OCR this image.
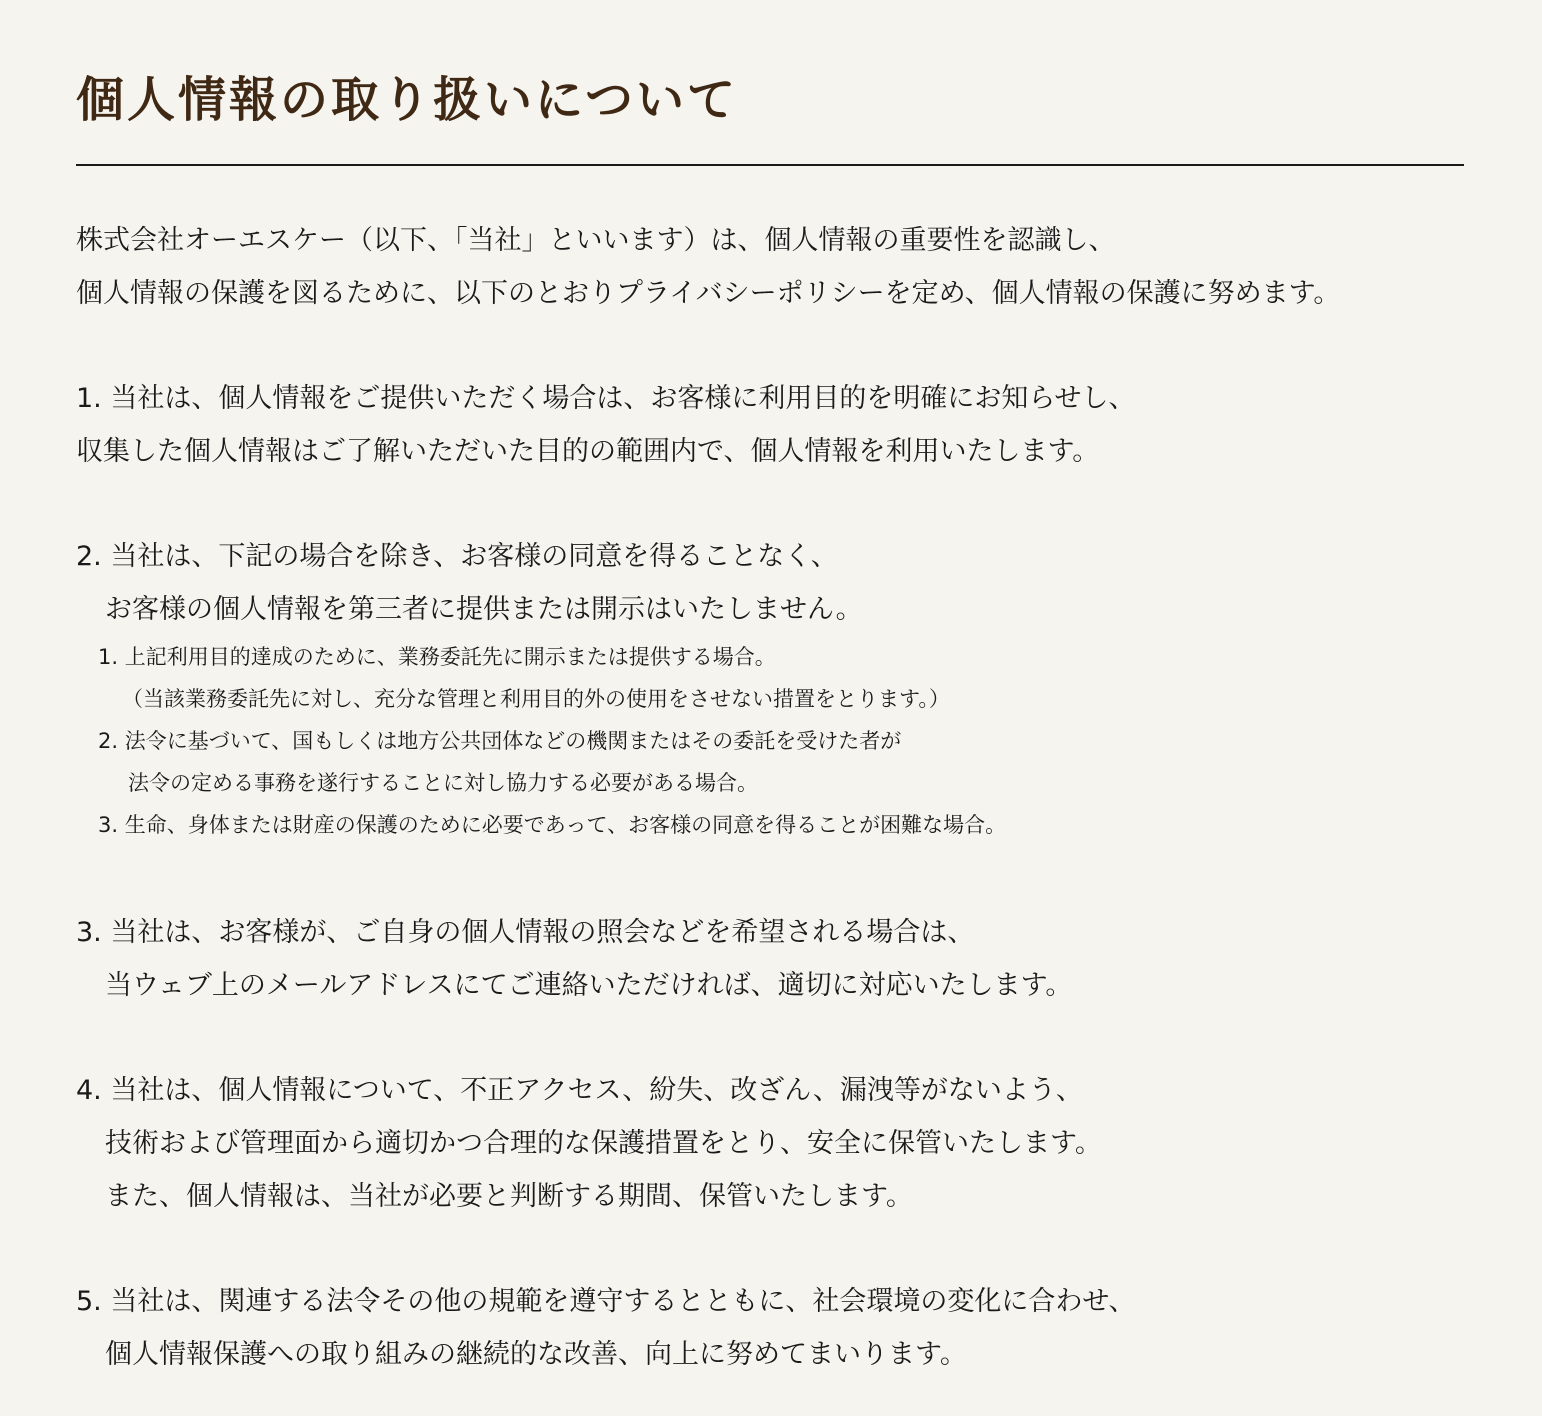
個人情報の取り扱いについて
株式会社オーエスケー（以下、「当社」といいます）は、個人情報の重要性を認識し、
個人情報の保護を図るために、以下のとおりプライバシーポリシーを定め、個人情報の保護に努めます。
1. 当社は、個人情報をご提供いただく場合は、お客様に利用目的を明確にお知らせし、
収集した個人情報はご了解いただいた目的の範囲内で、個人情報を利用いたします。
2. 当社は、下記の場合を除き、お客様の同意を得ることなく、
お客様の個人情報を第三者に提供または開示はいたしません。
1. 上記利用目的達成のために、業務委託先に開示または提供する場合。
（当該業務委託先に対し、充分な管理と利用目的外の使用をさせない措置をとります。）
2. 法令に基づいて、国もしくは地方公共団体などの機関またはその委託を受けた者が
法令の定める事務を遂行することに対し協力する必要がある場合。
3. 生命、身体または財産の保護のために必要であって、お客様の同意を得ることが困難な場合。
3. 当社は、お客様が、ご自身の個人情報の照会などを希望される場合は、
当ウェブ上のメールアドレスにてご連絡いただければ、適切に対応いたします。
4. 当社は、個人情報について、不正アクセス、紛失、改ざん、漏洩等がないよう、
技術および管理面から適切かつ合理的な保護措置をとり、安全に保管いたします。
また、個人情報は、当社が必要と判断する期間、保管いたします。
5. 当社は、関連する法令その他の規範を遵守するとともに、社会環境の変化に合わせ、
個人情報保護への取り組みの継続的な改善、向上に努めてまいります。
